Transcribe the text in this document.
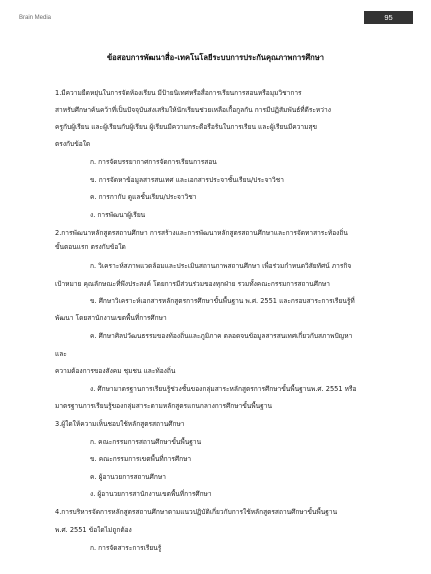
Brain Media	95
ข้อสอบการพัฒนาสื่อ-เทคโนโลยีระบบการประกันคุณภาพการศึกษา
1.มีความยืดหยุ่นในการจัดห้องเรียน มีป้ายนิเทศหรือสื่อการเรียนการสอนหรือมุมวิชาการ
สาหรับศึกษาค้นคว้าที่เป็นปัจจุบันส่งเสริมให้นักเรียนช่วยเหลือเกื้อกูลกัน การมีปฏิสัมพันธ์ที่ดีระหว่าง
ครูกับผู้เรียน และผู้เรียนกับผู้เรียน ผู้เรียนมีความกระตือรือร้นในการเรียน และผู้เรียนมีความสุข
ตรงกับข้อใด
ก. การจัดบรรยากาศการจัดการเรียนการสอน
ข. การจัดหาข้อมูลสารสนเทศ และเอกสารประจาชั้นเรียน/ประจาวิชา
ค. การกากับ ดูแลชั้นเรียน/ประจาวิชา
ง. การพัฒนาผู้เรียน
2.การพัฒนาหลักสูตรสถานศึกษา การสร้างและการพัฒนาหลักสูตรสถานศึกษาและการจัดทาสาระท้องถิ่น
ขั้นตอนแรก ตรงกับข้อใด
ก. วิเคราะห์สภาพแวดล้อมและประเมินสถานภาพสถานศึกษา เพื่อร่วมกำหนดวิสัยทัศน์ ภารกิจ
เป้าหมาย คุณลักษณะที่พึงประสงค์ โดยการมีส่วนร่วมของทุกฝ่าย รวมทั้งคณะกรรมการสถานศึกษา
ข. ศึกษาวิเคราะห์เอกสารหลักสูตรการศึกษาขั้นพื้นฐาน พ.ศ. 2551 และกรอบสาระการเรียนรู้ที่
พัฒนา โดยสานักงานเขตพื้นที่การศึกษา
ค. ศึกษาศิลปวัฒนธรรมของท้องถิ่นและภูมิภาค ตลอดจนข้อมูลสารสนเทศเกี่ยวกับสภาพปัญหา
และ
ความต้องการของสังคม ชุมชน และท้องถิ่น
ง. ศึกษามาตรฐานการเรียนรู้ช่วงชั้นของกลุ่มสาระหลักสูตรการศึกษาขั้นพื้นฐานพ.ศ. 2551 หรือ
มาตรฐานการเรียนรู้ของกลุ่มสาระตามหลักสูตรแกนกลางการศึกษาขั้นพื้นฐาน
3.ผู้ใดให้ความเห็นชอบใช้หลักสูตรสถานศึกษา
ก. คณะกรรมการสถานศึกษาขั้นพื้นฐาน
ข. คณะกรรมการเขตพื้นที่การศึกษา
ค. ผู้อานวยการสถานศึกษา
ง. ผู้อานวยการสานักงานเขตพื้นที่การศึกษา
4.การบริหารจัดการหลักสูตรสถานศึกษาตามแนวปฏิบัติเกี่ยวกับการใช้หลักสูตรสถานศึกษาขั้นพื้นฐาน
พ.ศ. 2551 ข้อใดไม่ถูกต้อง
ก. การจัดสาระการเรียนรู้
